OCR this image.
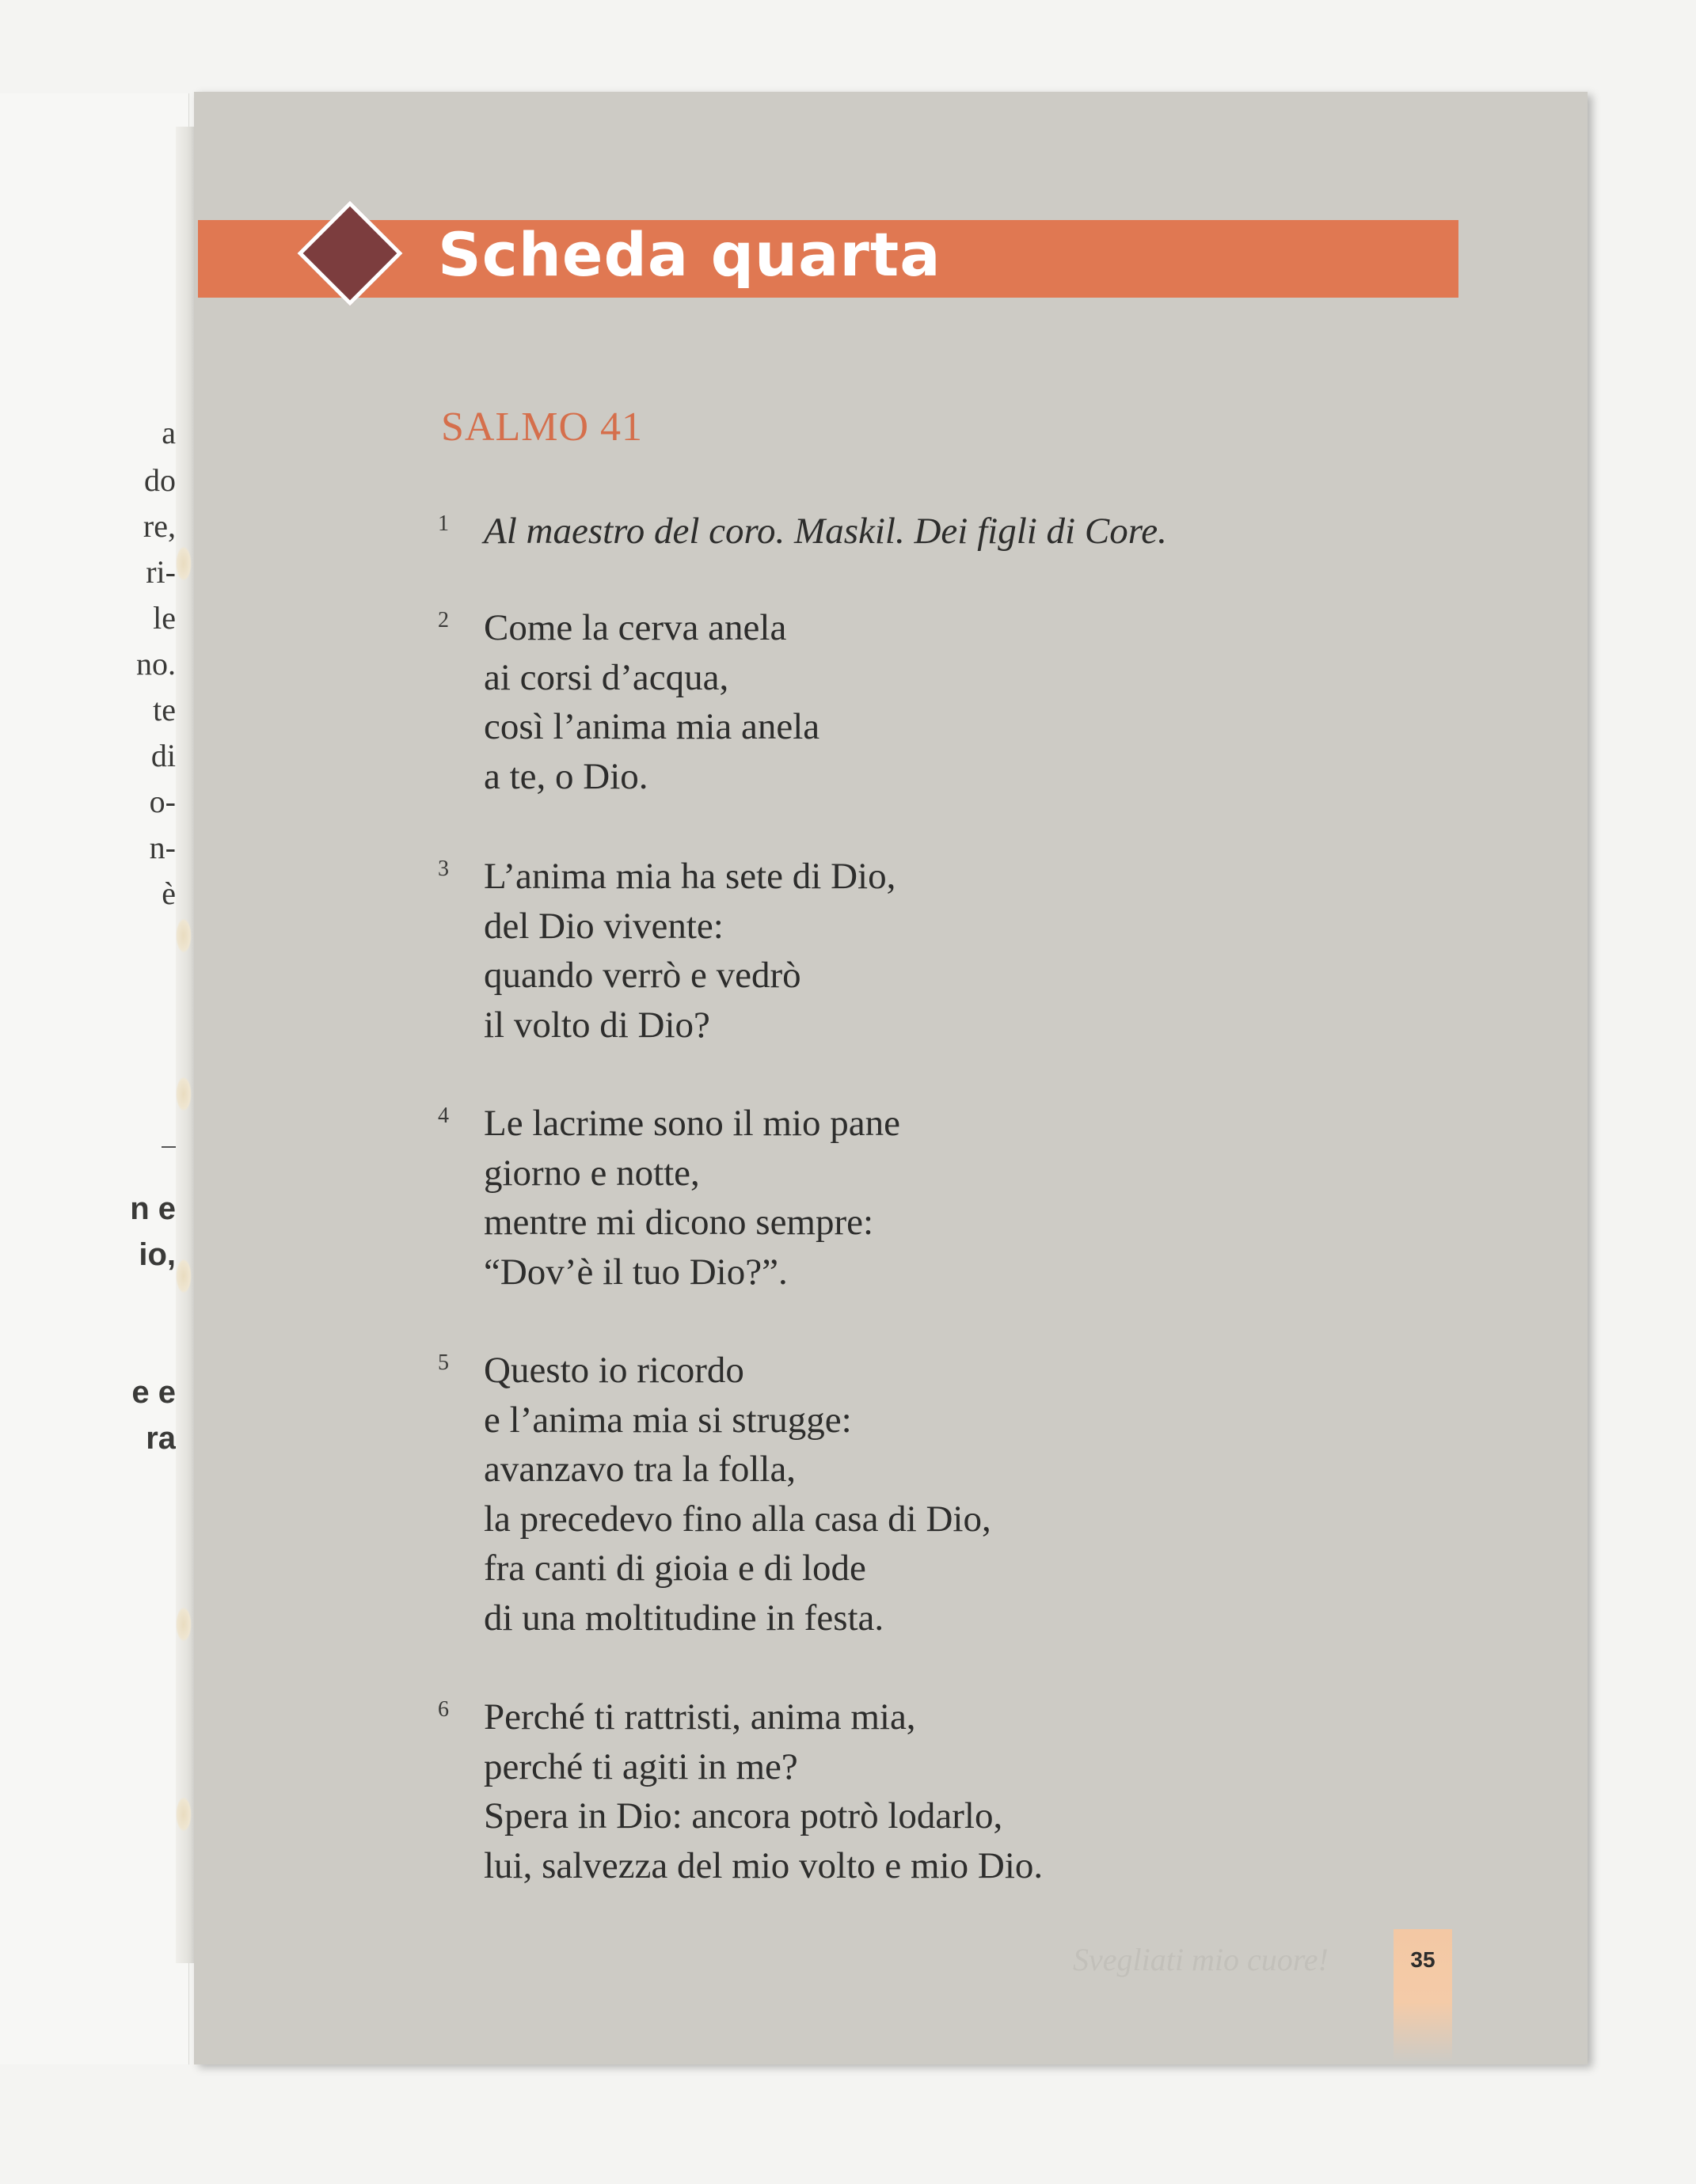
a
do
re,
ri-
le
no.
te
di
o-
n-
è
n e
io,
e e
ra
Scheda quarta
SALMO 41
1 Al maestro del coro. Maskil. Dei figli di Core.
2 Come la cerva anela
ai corsi d’acqua,
così l’anima mia anela
a te, o Dio.
3 L’anima mia ha sete di Dio,
del Dio vivente:
quando verrò e vedrò
il volto di Dio?
4 Le lacrime sono il mio pane
giorno e notte,
mentre mi dicono sempre:
“Dov’è il tuo Dio?”.
5 Questo io ricordo
e l’anima mia si strugge:
avanzavo tra la folla,
la precedevo fino alla casa di Dio,
fra canti di gioia e di lode
di una moltitudine in festa.
6 Perché ti rattristi, anima mia,
perché ti agiti in me?
Spera in Dio: ancora potrò lodarlo,
lui, salvezza del mio volto e mio Dio.
Svegliati mio cuore!	35
